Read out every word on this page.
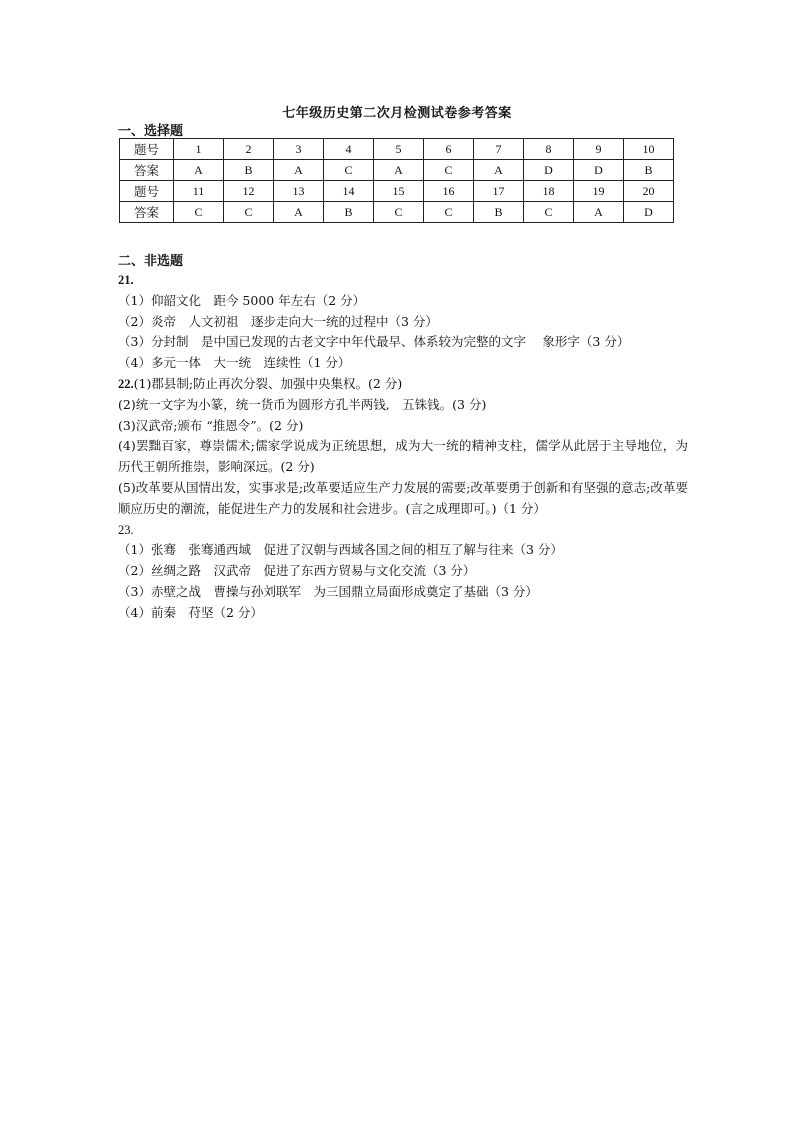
七年级历史第二次月检测试卷参考答案
一、选择题
题号	1	2	3	4	5	6	7	8	9	10
答案	A	B	A	C	A	C	A	D	D	B
题号	11	12	13	14	15	16	17	18	19	20
答案	C	C	A	B	C	C	B	C	A	D
二、非选题
21.
（1）仰韶文化　距今 5000 年左右（2 分）
（2）炎帝　人文初祖　逐步走向大一统的过程中（3 分）
（3）分封制　是中国已发现的古老文字中年代最早、体系较为完整的文字　 象形字（3 分）
（4）多元一体　大一统　连续性（1 分）
22.(1)郡县制;防止再次分裂、加强中央集权。(2 分)
(2)统一文字为小篆，统一货币为圆形方孔半两钱,　五铢钱。(3 分)
(3)汉武帝;颁布 “推恩令”。(2 分)
(4)罢黜百家，尊崇儒术;儒家学说成为正统思想，成为大一统的精神支柱，儒学从此居于主导地位，为历代王朝所推崇，影响深远。(2 分)
(5)改革要从国情出发，实事求是;改革要适应生产力发展的需要;改革要勇于创新和有坚强的意志;改革要顺应历史的潮流，能促进生产力的发展和社会进步。(言之成理即可。)（1 分）
23.
（1）张骞　张骞通西域　促进了汉朝与西域各国之间的相互了解与往来（3 分）
（2）丝绸之路　汉武帝　促进了东西方贸易与文化交流（3 分）
（3）赤壁之战　曹操与孙刘联军　为三国鼎立局面形成奠定了基础（3 分）
（4）前秦　苻坚（2 分）
